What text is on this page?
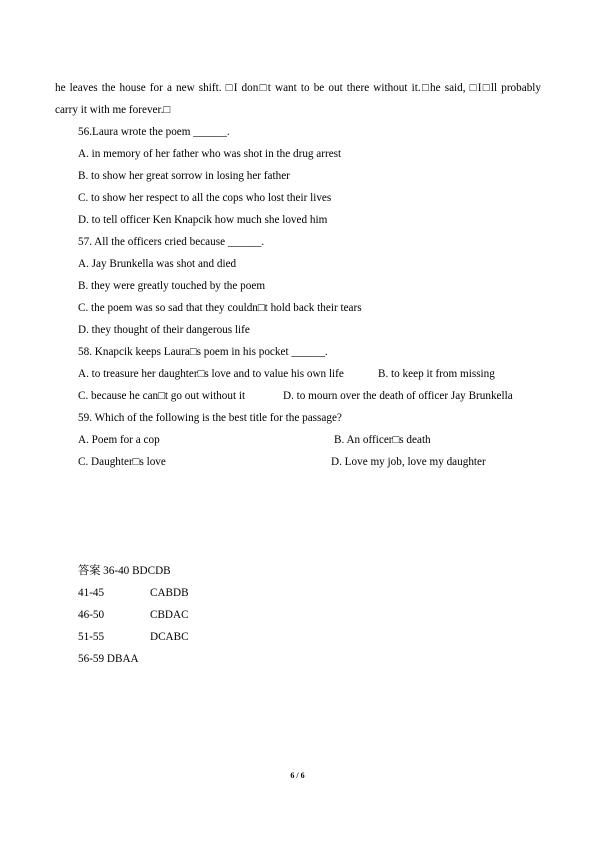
he leaves the house for a new shift. □I don□t want to be out there without it.□he said, □I□ll probably
carry it with me forever.□
56.Laura wrote the poem ______.
A. in memory of her father who was shot in the drug arrest
B. to show her great sorrow in losing her father
C. to show her respect to all the cops who lost their lives
D. to tell officer Ken Knapcik how much she loved him
57. All the officers cried because ______.
A. Jay Brunkella was shot and died
B. they were greatly touched by the poem
C. the poem was so sad that they couldn□t hold back their tears
D. they thought of their dangerous life
58. Knapcik keeps Laura□s poem in his pocket ______.
A. to treasure her daughter□s love and to value his own life	B. to keep it from missing
C. because he can□t go out without it	D. to mourn over the death of officer Jay Brunkella
59. Which of the following is the best title for the passage?
A. Poem for a cop	B. An officer□s death
C. Daughter□s love	D. Love my job, love my daughter
答案 36-40 BDCDB
41-45	CABDB
46-50	CBDAC
51-55	DCABC
56-59 DBAA
6 / 6
